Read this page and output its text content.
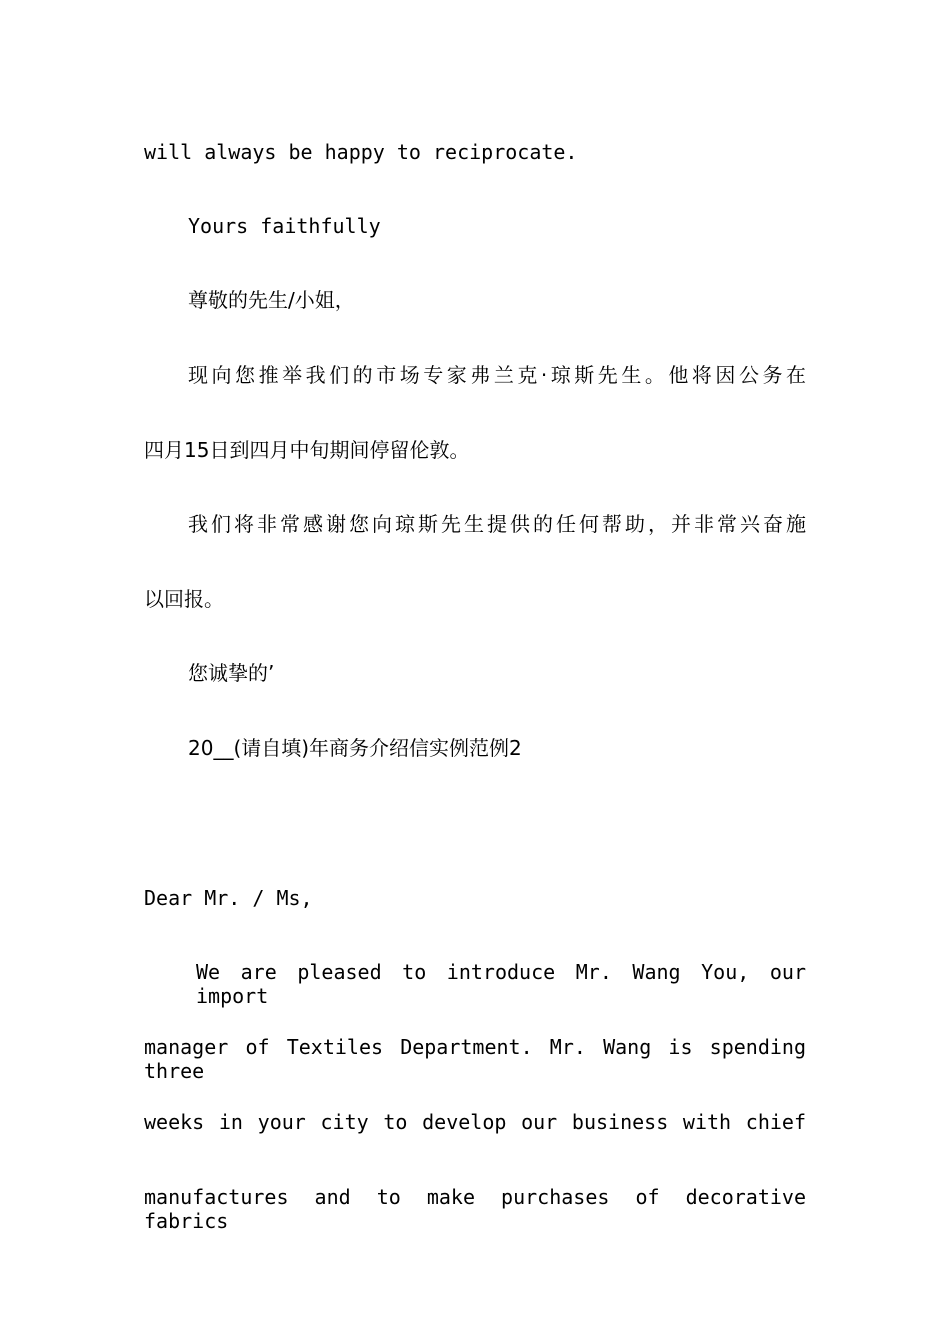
will always be happy to reciprocate.
Yours faithfully
尊敬的先生/小姐，
现向您推举我们的市场专家弗兰克·琼斯先生。他将因公务在
四月15日到四月中旬期间停留伦敦。
我们将非常感谢您向琼斯先生提供的任何帮助，并非常兴奋施
以回报。
您诚挚的’
20__(请自填)年商务介绍信实例范例2
Dear Mr. / Ms,
We are pleased to introduce Mr. Wang You, our import
manager of Textiles Department. Mr. Wang is spending three
weeks in your city to develop our business with chief
manufactures and to make purchases of decorative fabrics
